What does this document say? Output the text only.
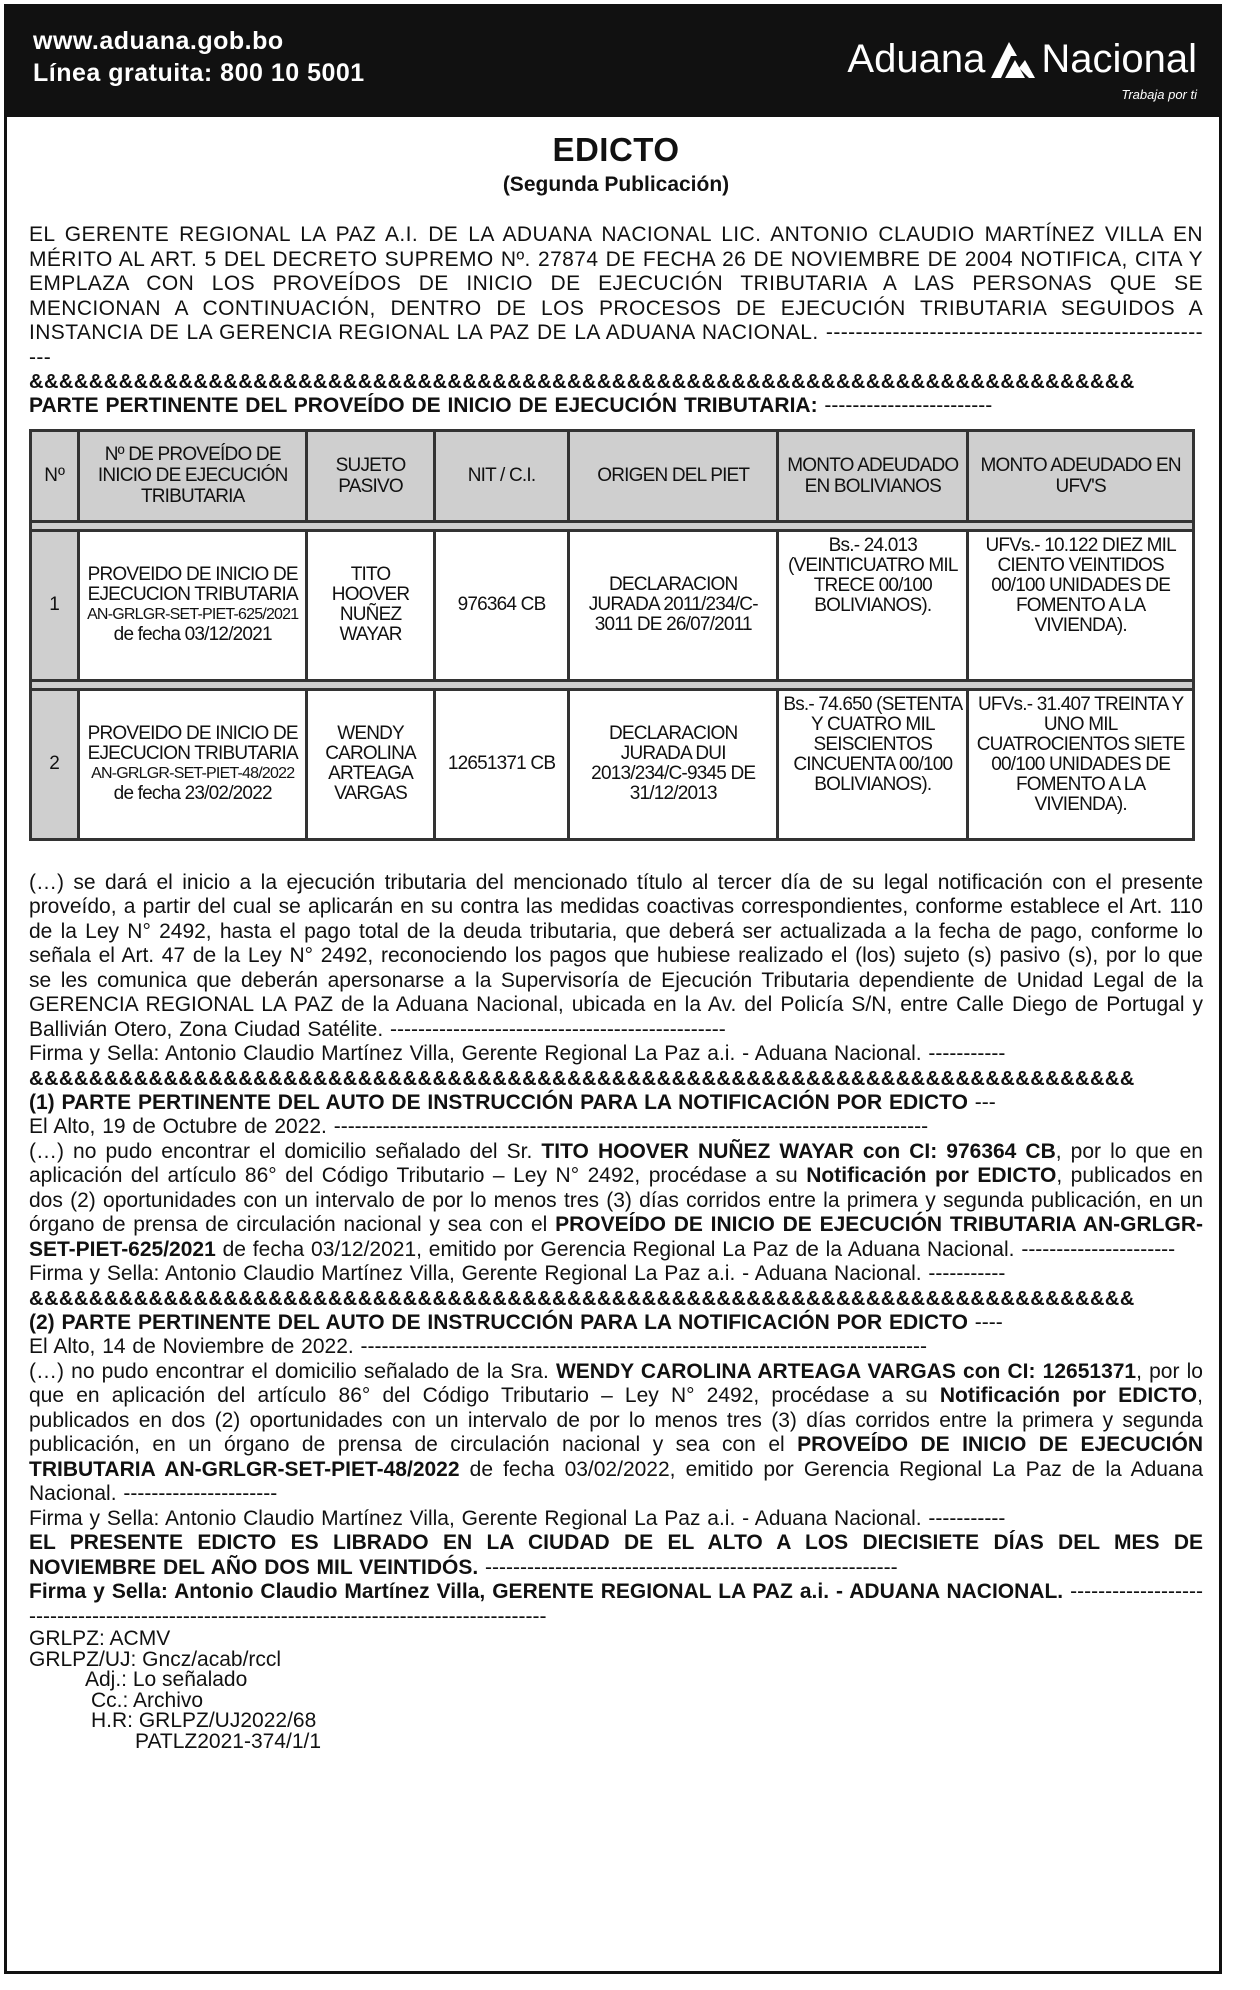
www.aduana.gob.bo
Línea gratuita: 800 10 5001	Aduana Nacional
Trabaja por ti
EDICTO
(Segunda Publicación)

EL GERENTE REGIONAL LA PAZ A.I. DE LA ADUANA NACIONAL LIC. ANTONIO CLAUDIO MARTÍNEZ VILLA EN MÉRITO AL ART. 5 DEL DECRETO SUPREMO Nº. 27874 DE FECHA 26 DE NOVIEMBRE DE 2004 NOTIFICA, CITA Y EMPLAZA CON LOS PROVEÍDOS DE INICIO DE EJECUCIÓN TRIBUTARIA A LAS PERSONAS QUE SE MENCIONAN A CONTINUACIÓN, DENTRO DE LOS PROCESOS DE EJECUCIÓN TRIBUTARIA SEGUIDOS A INSTANCIA DE LA GERENCIA REGIONAL LA PAZ DE LA ADUANA NACIONAL. ------------------------------------------------------

&&&&&&&&&&&&&&&&&&&&&&&&&&&&&&&&&&&&&&&&&&&&&&&&&&&&&&&&&&&&&&&&&&&&&&&&&&
PARTE PERTINENTE DEL PROVEÍDO DE INICIO DE EJECUCIÓN TRIBUTARIA: ------------------------
Nº	Nº DE PROVEÍDO DE INICIO DE EJECUCIÓN TRIBUTARIA	SUJETO PASIVO	NIT / C.I.	ORIGEN DEL PIET	MONTO ADEUDADO EN BOLIVIANOS	MONTO ADEUDADO EN UFV'S

1	PROVEIDO DE INICIO DE EJECUCION TRIBUTARIA
AN-GRLGR-SET-PIET-625/2021
de fecha 03/12/2021	TITO HOOVER NUÑEZ WAYAR	976364 CB	DECLARACION JURADA 2011/234/C-3011 DE 26/07/2011	Bs.- 24.013 (VEINTICUATRO MIL TRECE 00/100 BOLIVIANOS).	UFVs.- 10.122 DIEZ MIL CIENTO VEINTIDOS 00/100 UNIDADES DE FOMENTO A LA VIVIENDA).

2	PROVEIDO DE INICIO DE EJECUCION TRIBUTARIA
AN-GRLGR-SET-PIET-48/2022
de fecha 23/02/2022	WENDY CAROLINA ARTEAGA VARGAS	12651371 CB	DECLARACION JURADA DUI 2013/234/C-9345 DE 31/12/2013	Bs.- 74.650 (SETENTA Y CUATRO MIL SEISCIENTOS CINCUENTA 00/100 BOLIVIANOS).	UFVs.- 31.407 TREINTA Y UNO MIL CUATROCIENTOS SIETE 00/100 UNIDADES DE FOMENTO A LA VIVIENDA).

(…) se dará el inicio a la ejecución tributaria del mencionado título al tercer día de su legal notificación con el presente proveído, a partir del cual se aplicarán en su contra las medidas coactivas correspondientes, conforme establece el Art. 110 de la Ley N° 2492, hasta el pago total de la deuda tributaria, que deberá ser actualizada a la fecha de pago, conforme lo señala el Art. 47 de la Ley N° 2492, reconociendo los pagos que hubiese realizado el (los) sujeto (s) pasivo (s), por lo que se les comunica que deberán apersonarse a la Supervisoría de Ejecución Tributaria dependiente de Unidad Legal de la GERENCIA REGIONAL LA PAZ de la Aduana Nacional, ubicada en la Av. del Policía S/N, entre Calle Diego de Portugal y Ballivián Otero, Zona Ciudad Satélite. ------------------------------------------------

Firma y Sella: Antonio Claudio Martínez Villa, Gerente Regional La Paz a.i. - Aduana Nacional. -----------
&&&&&&&&&&&&&&&&&&&&&&&&&&&&&&&&&&&&&&&&&&&&&&&&&&&&&&&&&&&&&&&&&&&&&&&&&&
(1) PARTE PERTINENTE DEL AUTO DE INSTRUCCIÓN PARA LA NOTIFICACIÓN POR EDICTO ---
El Alto, 19 de Octubre de 2022. -------------------------------------------------------------------------------------

(…) no pudo encontrar el domicilio señalado del Sr. TITO HOOVER NUÑEZ WAYAR con CI: 976364 CB, por lo que en aplicación del artículo 86° del Código Tributario – Ley N° 2492, procédase a su Notificación por EDICTO, publicados en dos (2) oportunidades con un intervalo de por lo menos tres (3) días corridos entre la primera y segunda publicación, en un órgano de prensa de circulación nacional y sea con el PROVEÍDO DE INICIO DE EJECUCIÓN TRIBUTARIA AN-GRLGR-SET-PIET-625/2021 de fecha 03/12/2021, emitido por Gerencia Regional La Paz de la Aduana Nacional. ----------------------

Firma y Sella: Antonio Claudio Martínez Villa, Gerente Regional La Paz a.i. - Aduana Nacional. -----------
&&&&&&&&&&&&&&&&&&&&&&&&&&&&&&&&&&&&&&&&&&&&&&&&&&&&&&&&&&&&&&&&&&&&&&&&&&
(2) PARTE PERTINENTE DEL AUTO DE INSTRUCCIÓN PARA LA NOTIFICACIÓN POR EDICTO ----
El Alto, 14 de Noviembre de 2022. ---------------------------------------------------------------------------------

(…) no pudo encontrar el domicilio señalado de la Sra. WENDY CAROLINA ARTEAGA VARGAS con CI: 12651371, por lo que en aplicación del artículo 86° del Código Tributario – Ley N° 2492, procédase a su Notificación por EDICTO, publicados en dos (2) oportunidades con un intervalo de por lo menos tres (3) días corridos entre la primera y segunda publicación, en un órgano de prensa de circulación nacional y sea con el PROVEÍDO DE INICIO DE EJECUCIÓN TRIBUTARIA AN-GRLGR-SET-PIET-48/2022 de fecha 03/02/2022, emitido por Gerencia Regional La Paz de la Aduana Nacional. ----------------------

Firma y Sella: Antonio Claudio Martínez Villa, Gerente Regional La Paz a.i. - Aduana Nacional. -----------

EL PRESENTE EDICTO ES LIBRADO EN LA CIUDAD DE EL ALTO A LOS DIECISIETE DÍAS DEL MES DE NOVIEMBRE DEL AÑO DOS MIL VEINTIDÓS. -----------------------------------------------------------

Firma y Sella: Antonio Claudio Martínez Villa, GERENTE REGIONAL LA PAZ a.i. - ADUANA NACIONAL. ---------------------------------------------------------------------------------------------

GRLPZ: ACMV
GRLPZ/UJ: Gncz/acab/rccl
Adj.: Lo señalado
Cc.: Archivo
H.R: GRLPZ/UJ2022/68
PATLZ2021-374/1/1
